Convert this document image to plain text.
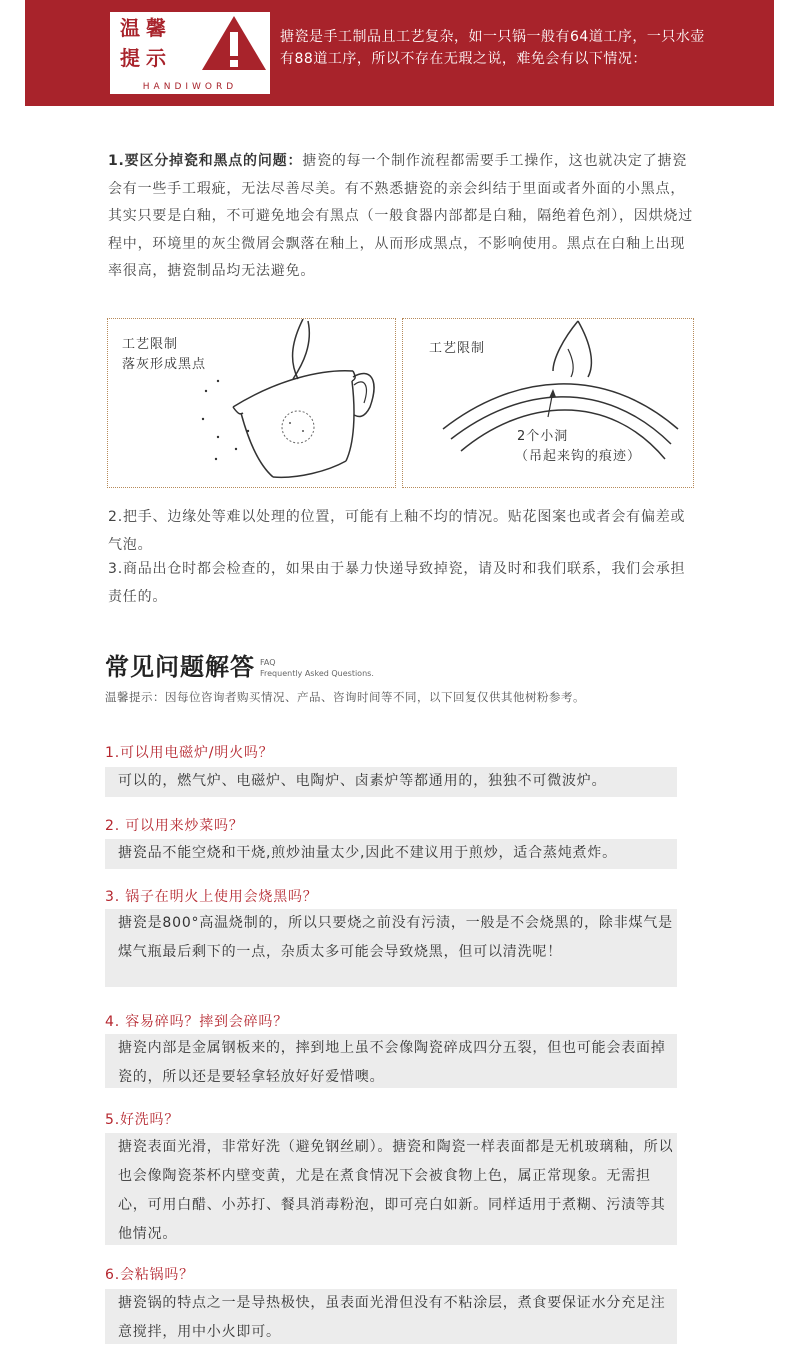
温馨
提示
HANDIWORD
搪瓷是手工制品且工艺复杂，如一只锅一般有64道工序，一只水壶有88道工序，所以不存在无瑕之说，难免会有以下情况：
1.要区分掉瓷和黑点的问题：搪瓷的每一个制作流程都需要手工操作，这也就决定了搪瓷会有一些手工瑕疵，无法尽善尽美。有不熟悉搪瓷的亲会纠结于里面或者外面的小黑点，其实只要是白釉，不可避免地会有黑点（一般食器内部都是白釉，隔绝着色剂），因烘烧过程中，环境里的灰尘微屑会飘落在釉上，从而形成黑点，不影响使用。黑点在白釉上出现率很高，搪瓷制品均无法避免。
工艺限制
落灰形成黑点
工艺限制
2个小洞
（吊起来钩的痕迹）
2.把手、边缘处等难以处理的位置，可能有上釉不均的情况。贴花图案也或者会有偏差或气泡。
3.商品出仓时都会检查的，如果由于暴力快递导致掉瓷，请及时和我们联系，我们会承担责任的。
常见问题解答 FAQ
Frequently Asked Questions.
温馨提示：因每位咨询者购买情况、产品、咨询时间等不同，以下回复仅供其他树粉参考。
1.可以用电磁炉/明火吗？
可以的，燃气炉、电磁炉、电陶炉、卤素炉等都通用的，独独不可微波炉。
2. 可以用来炒菜吗？
搪瓷品不能空烧和干烧,煎炒油量太少,因此不建议用于煎炒，适合蒸炖煮炸。
3. 锅子在明火上使用会烧黑吗？
搪瓷是800°高温烧制的，所以只要烧之前没有污渍，一般是不会烧黑的，除非煤气是煤气瓶最后剩下的一点，杂质太多可能会导致烧黑，但可以清洗呢！
4. 容易碎吗？摔到会碎吗？
搪瓷内部是金属钢板来的，摔到地上虽不会像陶瓷碎成四分五裂，但也可能会表面掉瓷的，所以还是要轻拿轻放好好爱惜噢。
5.好洗吗？
搪瓷表面光滑，非常好洗（避免钢丝刷）。搪瓷和陶瓷一样表面都是无机玻璃釉，所以也会像陶瓷茶杯内壁变黄，尤是在煮食情况下会被食物上色，属正常现象。无需担心，可用白醋、小苏打、餐具消毒粉泡，即可亮白如新。同样适用于煮糊、污渍等其他情况。
6.会粘锅吗？
搪瓷锅的特点之一是导热极快，虽表面光滑但没有不粘涂层，煮食要保证水分充足注意搅拌，用中小火即可。
